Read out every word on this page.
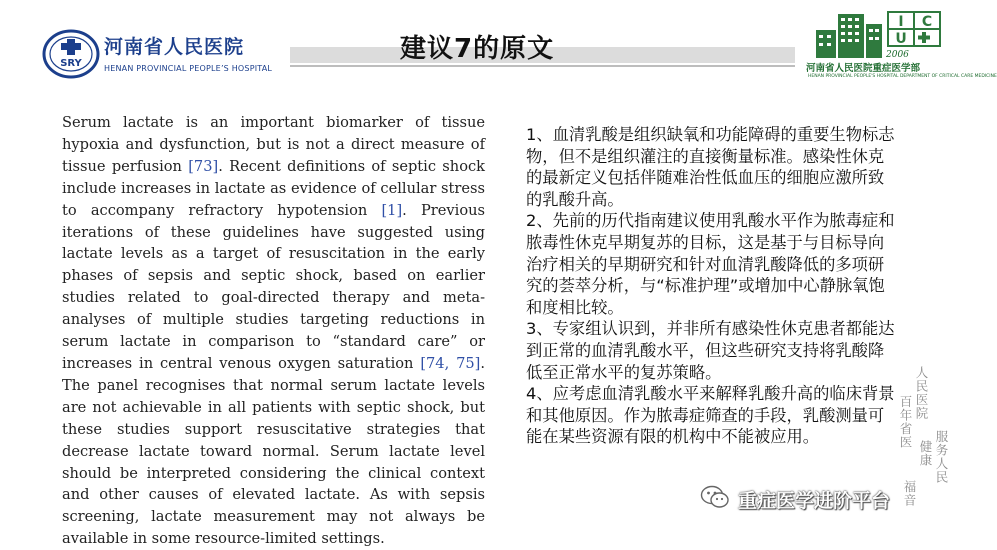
建议7的原文
SRY
河南省人民医院
HENAN PROVINCIAL PEOPLE’S HOSPITAL
I C
U
2006
河南省人民医院重症医学部
HENAN PROVINCIAL PEOPLE'S HOSPITAL DEPARTMENT OF CRITICAL CARE MEDICINE

Serum lactate is an important biomarker of tissue hypoxia and dysfunction, but is not a direct measure of tissue perfusion [73]. Recent definitions of septic shock include increases in lactate as evidence of cellular stress to accompany refractory hypotension [1]. Previous iterations of these guidelines have suggested using lactate levels as a target of resuscitation in the early phases of sepsis and septic shock, based on earlier studies related to goal-directed therapy and meta-analyses of multiple studies targeting reductions in serum lactate in comparison to “standard care” or increases in central venous oxygen saturation [74, 75]. The panel recognises that normal serum lactate levels are not achievable in all patients with septic shock, but these studies support resuscitative strategies that decrease lactate toward normal. Serum lactate level should be interpreted considering the clinical context and other causes of elevated lactate. As with sepsis screening, lactate measurement may not always be available in some resource-limited settings.

1、血清乳酸是组织缺氧和功能障碍的重要生物标志物，但不是组织灌注的直接衡量标准。感染性休克的最新定义包括伴随难治性低血压的细胞应激所致的乳酸升高。

2、先前的历代指南建议使用乳酸水平作为脓毒症和脓毒性休克早期复苏的目标，这是基于与目标导向治疗相关的早期研究和针对血清乳酸降低的多项研究的荟萃分析，与“标准护理”或增加中心静脉氧饱和度相比较。

3、专家组认识到，并非所有感染性休克患者都能达到正常的血清乳酸水平，但这些研究支持将乳酸降低至正常水平的复苏策略。

4、应考虑血清乳酸水平来解释乳酸升高的临床背景和其他原因。作为脓毒症筛查的手段，乳酸测量可能在某些资源有限的机构中不能被应用。

人民医院
百年省医
服务人民
健康
福音
重症医学进阶平台
